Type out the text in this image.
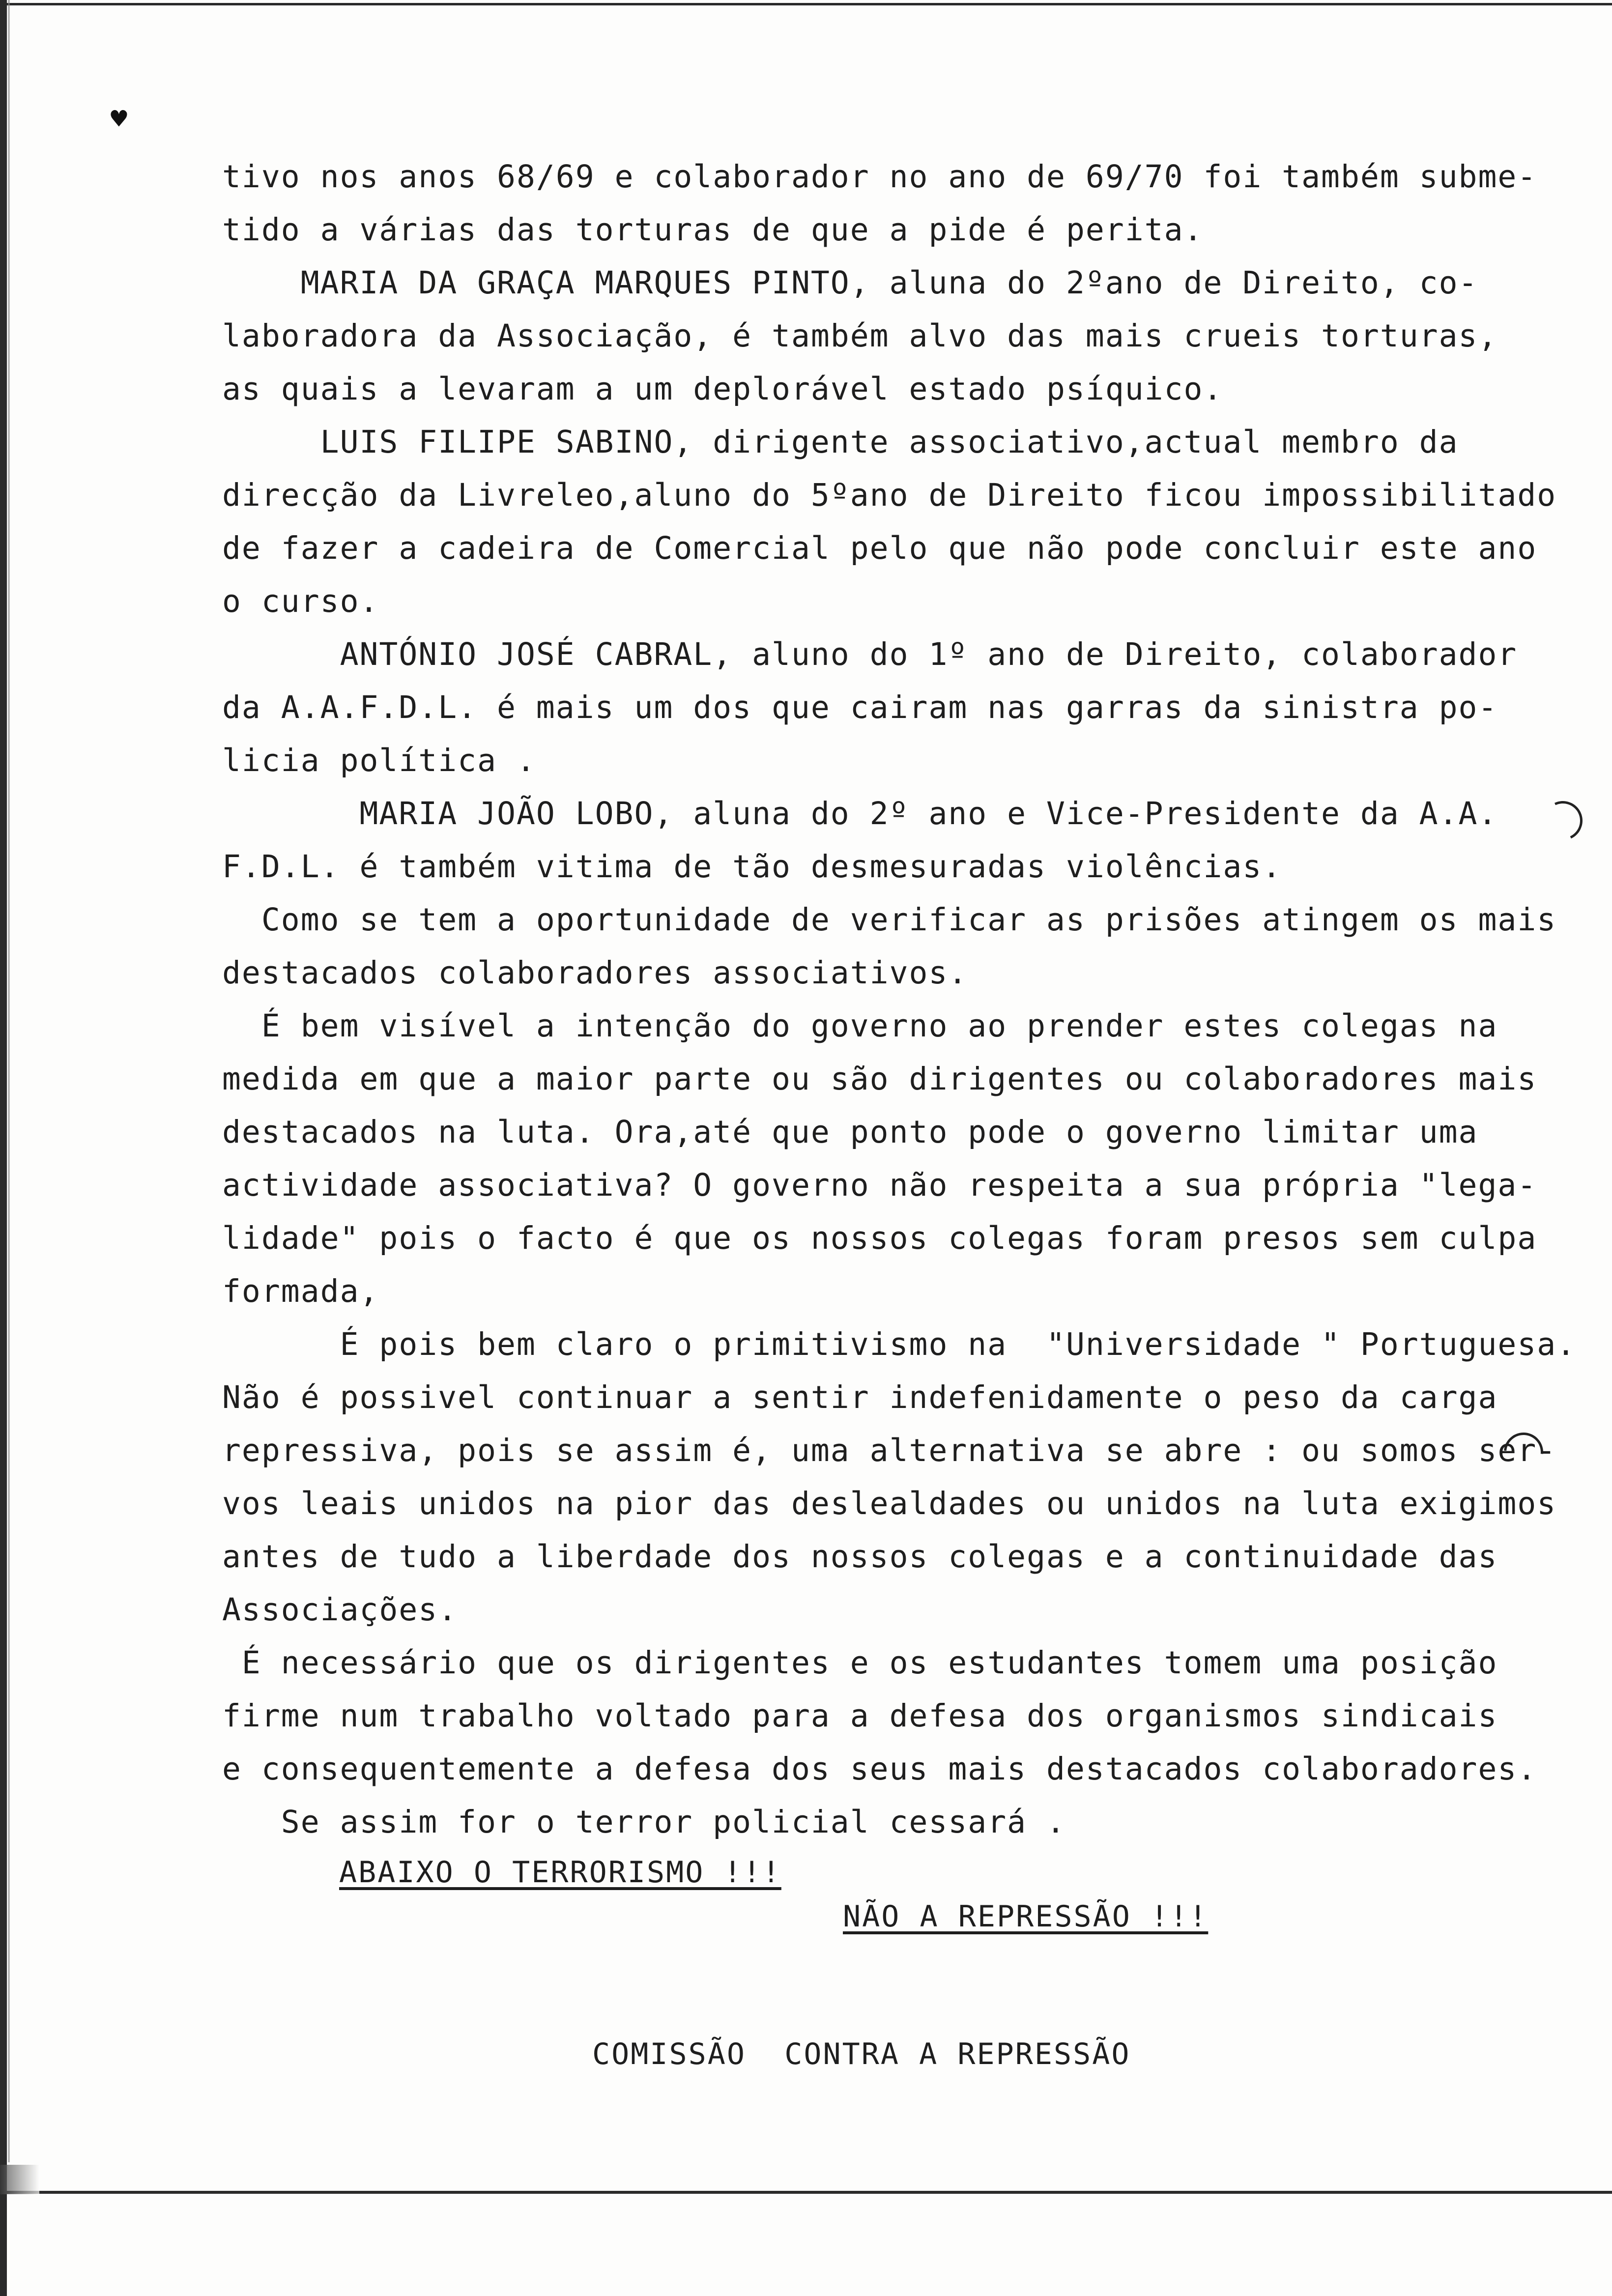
♥
tivo nos anos 68/69 e colaborador no ano de 69/70 foi também subme-
tido a várias das torturas de que a pide é perita.
MARIA DA GRAÇA MARQUES PINTO, aluna do 2ºano de Direito, co-
laboradora da Associação, é também alvo das mais crueis torturas,
as quais a levaram a um deplorável estado psíquico.
LUIS FILIPE SABINO, dirigente associativo,actual membro da
direcção da Livreleo,aluno do 5ºano de Direito ficou impossibilitado
de fazer a cadeira de Comercial pelo que não pode concluir este ano
o curso.
ANTÓNIO JOSÉ CABRAL, aluno do 1º ano de Direito, colaborador
da A.A.F.D.L. é mais um dos que cairam nas garras da sinistra po-
licia política .
MARIA JOÃO LOBO, aluna do 2º ano e Vice-Presidente da A.A.
F.D.L. é também vitima de tão desmesuradas violências.
Como se tem a oportunidade de verificar as prisões atingem os mais
destacados colaboradores associativos.
É bem visível a intenção do governo ao prender estes colegas na
medida em que a maior parte ou são dirigentes ou colaboradores mais
destacados na luta. Ora,até que ponto pode o governo limitar uma
actividade associativa? O governo não respeita a sua própria "lega-
lidade" pois o facto é que os nossos colegas foram presos sem culpa
formada,
É pois bem claro o primitivismo na  "Universidade " Portuguesa.
Não é possivel continuar a sentir indefenidamente o peso da carga
repressiva, pois se assim é, uma alternativa se abre : ou somos ser-
vos leais unidos na pior das deslealdades ou unidos na luta exigimos
antes de tudo a liberdade dos nossos colegas e a continuidade das
Associações.
É necessário que os dirigentes e os estudantes tomem uma posição
firme num trabalho voltado para a defesa dos organismos sindicais
e consequentemente a defesa dos seus mais destacados colaboradores.
Se assim for o terror policial cessará .
ABAIXO O TERRORISMO !!!
NÃO A REPRESSÃO !!!
COMISSÃO  CONTRA A REPRESSÃO
